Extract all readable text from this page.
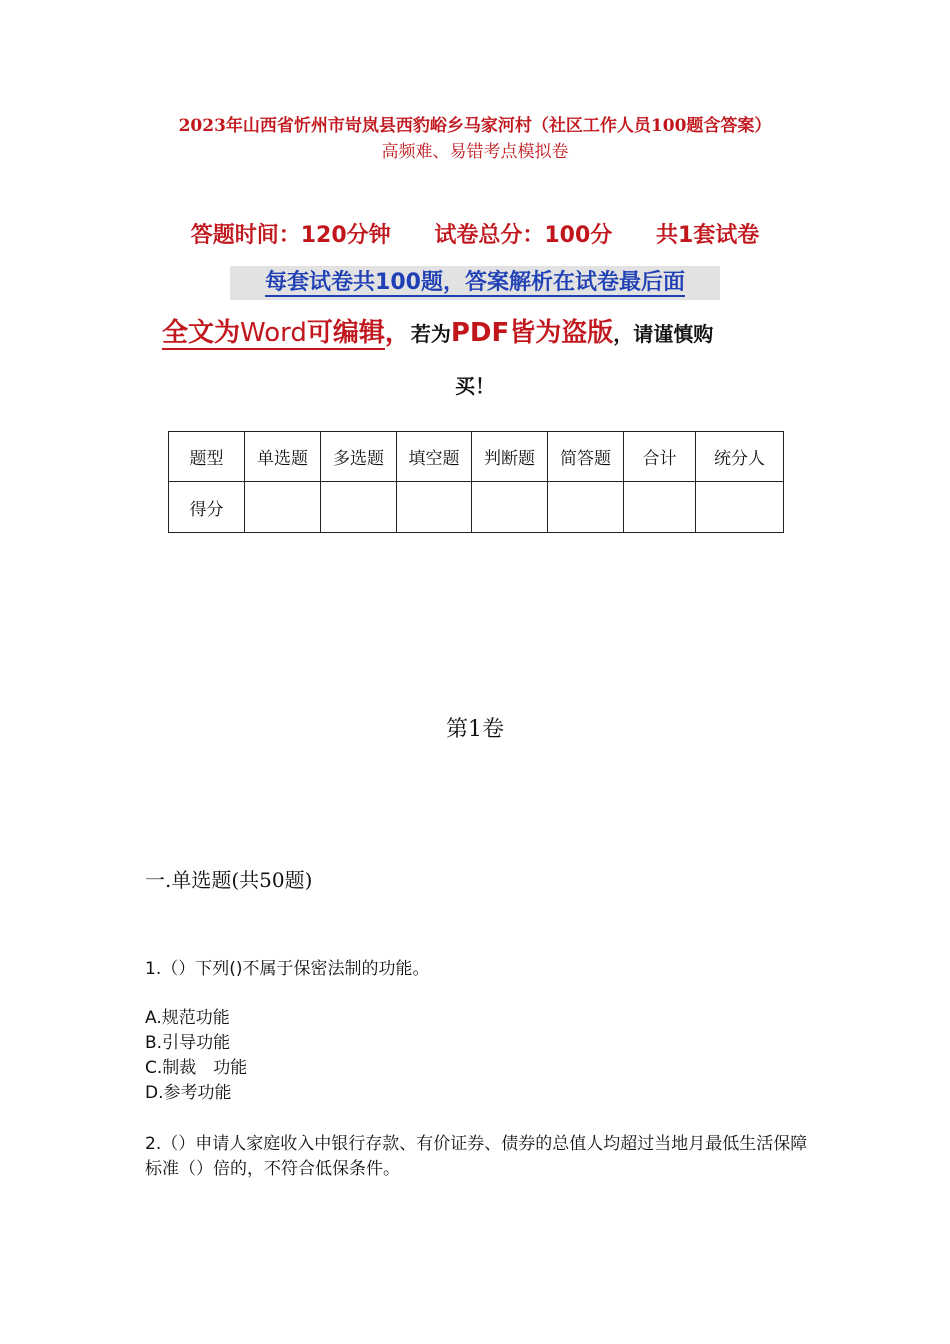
2023年山西省忻州市岢岚县西豹峪乡马家河村（社区工作人员100题含答案）
高频难、易错考点模拟卷
答题时间：120分钟 试卷总分：100分 共1套试卷
每套试卷共100题，答案解析在试卷最后面
全文为Word可编辑，若为PDF皆为盗版，请谨慎购
买！
题型	单选题	多选题	填空题	判断题	简答题	合计	统分人
得分							
第1卷
一.单选题(共50题)
1.（）下列()不属于保密法制的功能。
A.规范功能
B.引导功能
C.制裁　功能
D.参考功能
2.（）申请人家庭收入中银行存款、有价证券、债券的总值人均超过当地月最低生活保障标准（）倍的，不符合低保条件。
